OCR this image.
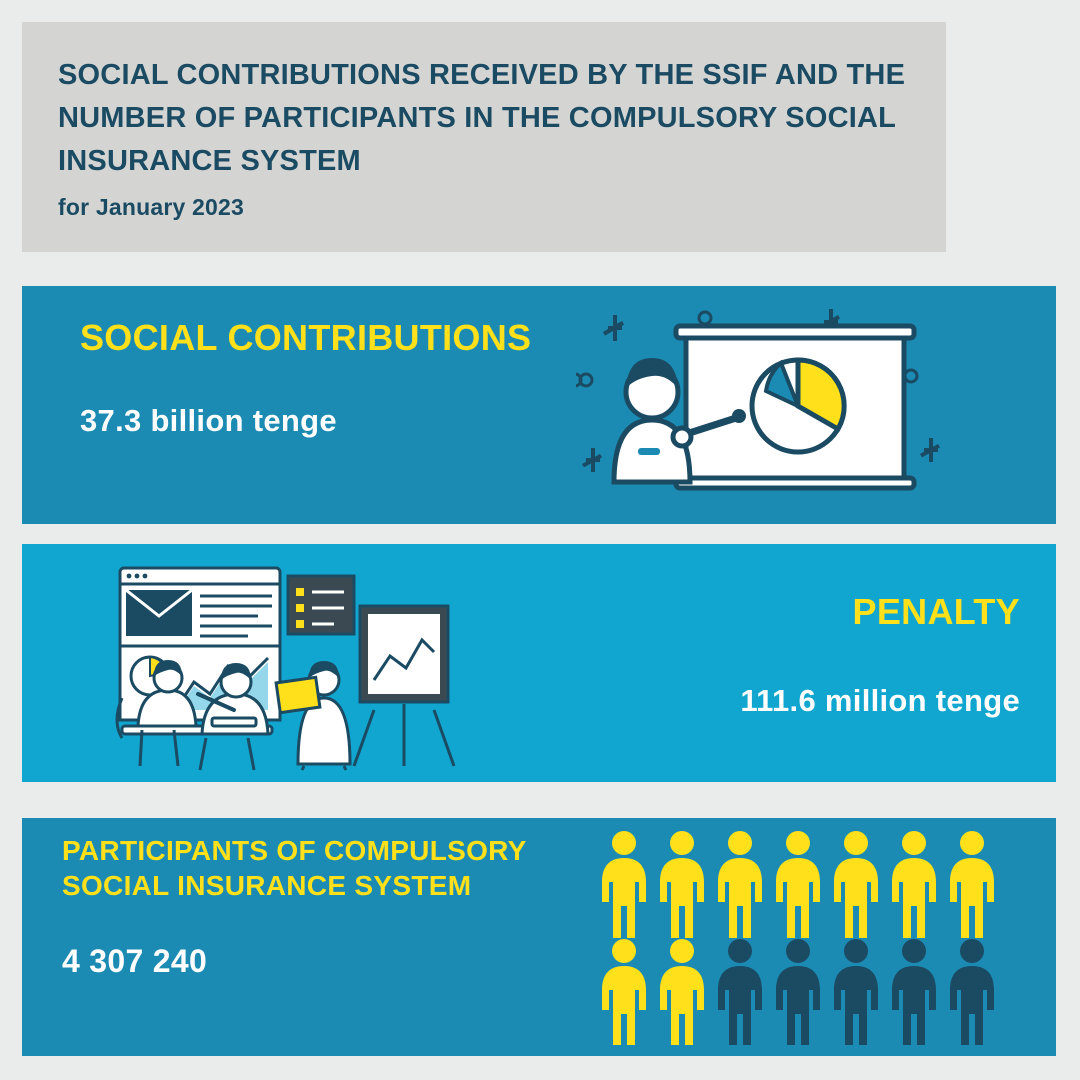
SOCIAL CONTRIBUTIONS RECEIVED BY THE SSIF AND THE NUMBER OF PARTICIPANTS IN THE COMPULSORY SOCIAL INSURANCE SYSTEM
for January 2023
SOCIAL CONTRIBUTIONS
37.3 billion tenge
PENALTY
111.6 million tenge
PARTICIPANTS OF COMPULSORY SOCIAL INSURANCE SYSTEM
4 307 240
